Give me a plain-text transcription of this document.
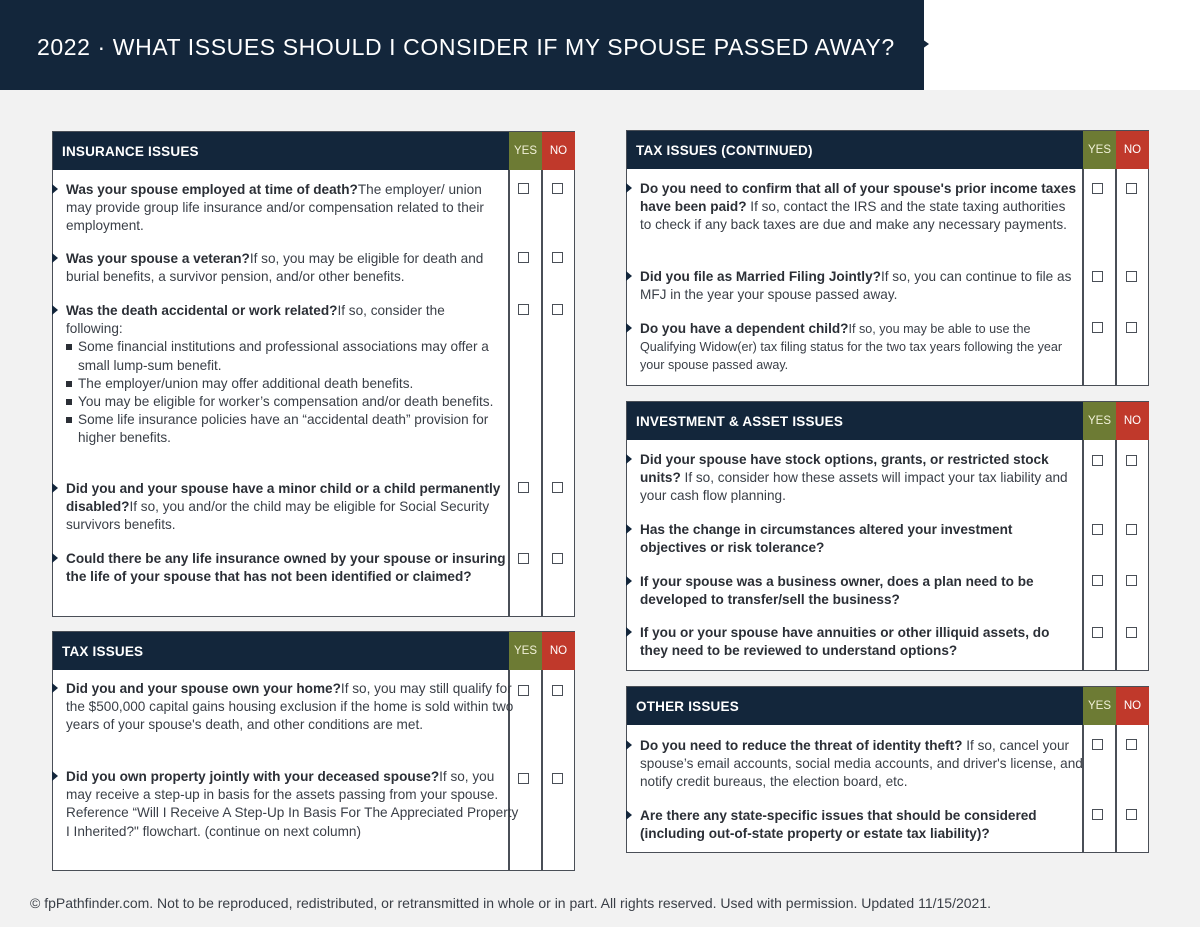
2022 · WHAT ISSUES SHOULD I CONSIDER IF MY SPOUSE PASSED AWAY?
INSURANCE ISSUES	YES	NO
Was your spouse employed at time of death?The employer/ union may provide group life insurance and/or compensation related to their employment.
Was your spouse a veteran?If so, you may be eligible for death and burial benefits, a survivor pension, and/or other benefits.
Was the death accidental or work related?If so, consider the following:
Some financial institutions and professional associations may offer a small lump-sum benefit.
The employer/union may offer additional death benefits.
You may be eligible for worker’s compensation and/or death benefits.
Some life insurance policies have an “accidental death” provision for higher benefits.
Did you and your spouse have a minor child or a child permanently disabled?If so, you and/or the child may be eligible for Social Security survivors benefits.
Could there be any life insurance owned by your spouse or insuring the life of your spouse that has not been identified or claimed?
TAX ISSUES	YES	NO
Did you and your spouse own your home?If so, you may still qualify for the $500,000 capital gains housing exclusion if the home is sold within two years of your spouse's death, and other conditions are met.
Did you own property jointly with your deceased spouse?If so, you may receive a step-up in basis for the assets passing from your spouse. Reference “Will I Receive A Step-Up In Basis For The Appreciated Property I Inherited?" flowchart. (continue on next column)
TAX ISSUES (CONTINUED)	YES	NO
Do you need to confirm that all of your spouse's prior income taxes have been paid? If so, contact the IRS and the state taxing authorities to check if any back taxes are due and make any necessary payments.
Did you file as Married Filing Jointly?If so, you can continue to file as MFJ in the year your spouse passed away.
Do you have a dependent child?If so, you may be able to use the Qualifying Widow(er) tax filing status for the two tax years following the year your spouse passed away.
INVESTMENT & ASSET ISSUES	YES	NO
Did your spouse have stock options, grants, or restricted stock units? If so, consider how these assets will impact your tax liability and your cash flow planning.
Has the change in circumstances altered your investment objectives or risk tolerance?
If your spouse was a business owner, does a plan need to be developed to transfer/sell the business?
If you or your spouse have annuities or other illiquid assets, do they need to be reviewed to understand options?
OTHER ISSUES	YES	NO
Do you need to reduce the threat of identity theft? If so, cancel your spouse’s email accounts, social media accounts, and driver's license, and notify credit bureaus, the election board, etc.
Are there any state-specific issues that should be considered (including out-of-state property or estate tax liability)?
© fpPathfinder.com. Not to be reproduced, redistributed, or retransmitted in whole or in part. All rights reserved. Used with permission. Updated 11/15/2021.
